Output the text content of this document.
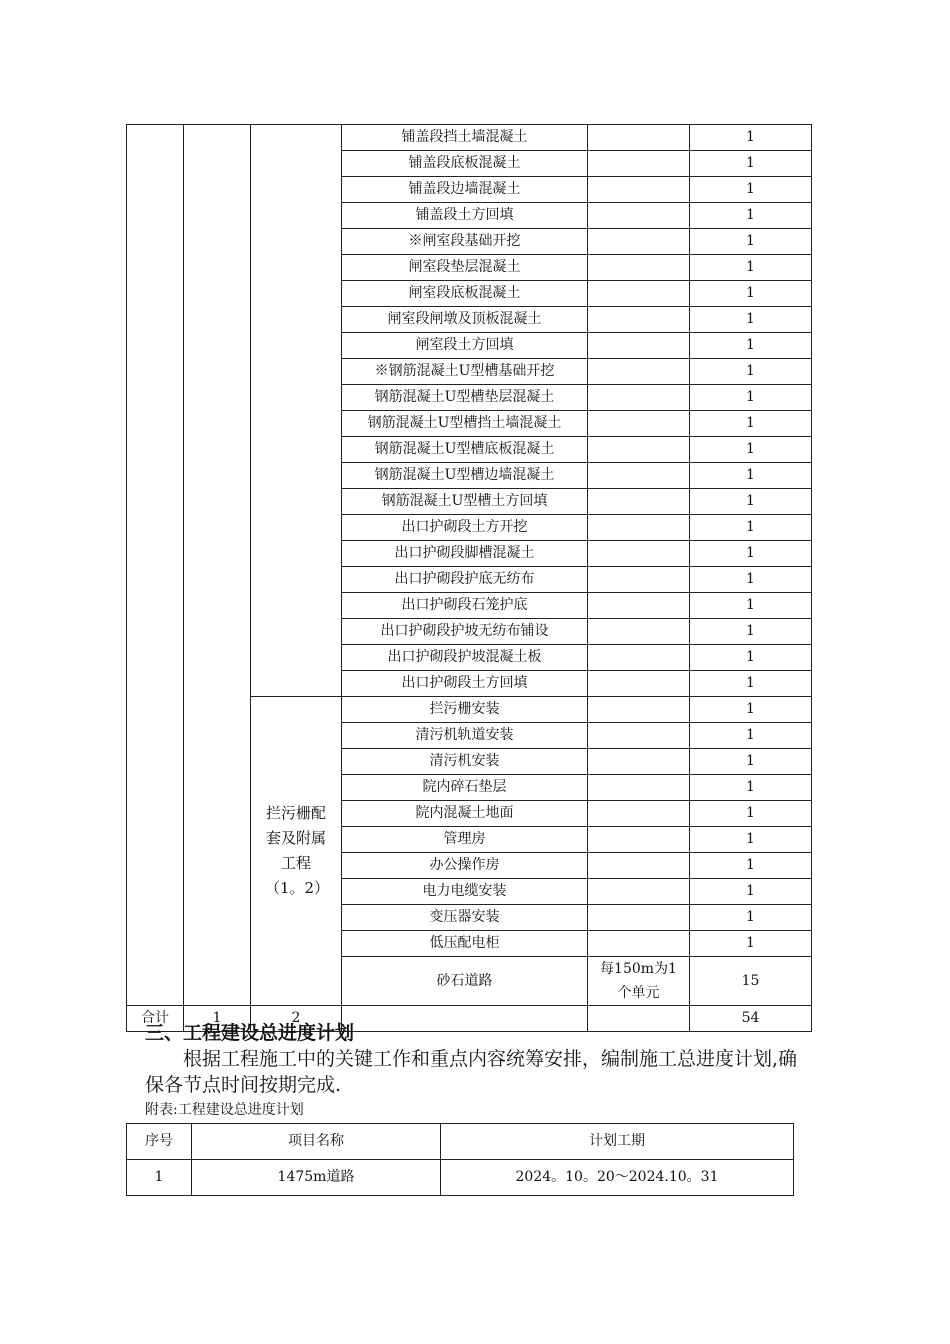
			铺盖段挡土墙混凝土		1
			铺盖段底板混凝土		1
			铺盖段边墙混凝土		1
			铺盖段土方回填		1
			※闸室段基础开挖		1
			闸室段垫层混凝土		1
			闸室段底板混凝土		1
			闸室段闸墩及顶板混凝土		1
			闸室段土方回填		1
			※钢筋混凝土U型槽基础开挖		1
			钢筋混凝土U型槽垫层混凝土		1
			钢筋混凝土U型槽挡土墙混凝土		1
			钢筋混凝土U型槽底板混凝土		1
			钢筋混凝土U型槽边墙混凝土		1
			钢筋混凝土U型槽土方回填		1
			出口护砌段土方开挖		1
			出口护砌段脚槽混凝土		1
			出口护砌段护底无纺布		1
			出口护砌段石笼护底		1
			出口护砌段护坡无纺布铺设		1
			出口护砌段护坡混凝土板		1
			出口护砌段土方回填		1
		拦污栅配套及附属工程（1。2）	拦污栅安装		1
			清污机轨道安装		1
			清污机安装		1
			院内碎石垫层		1
			院内混凝土地面		1
			管理房		1
			办公操作房		1
			电力电缆安装		1
			变压器安装		1
			低压配电柜		1
			砂石道路	每150m为1个单元	15
合计	1	2			54
三、工程建设总进度计划

根据工程施工中的关键工作和重点内容统筹安排，编制施工总进度计划,确保各节点时间按期完成.

附表:工程建设总进度计划

序号	项目名称	计划工期
1	1475m道路	2024。10。20～2024.10。31
